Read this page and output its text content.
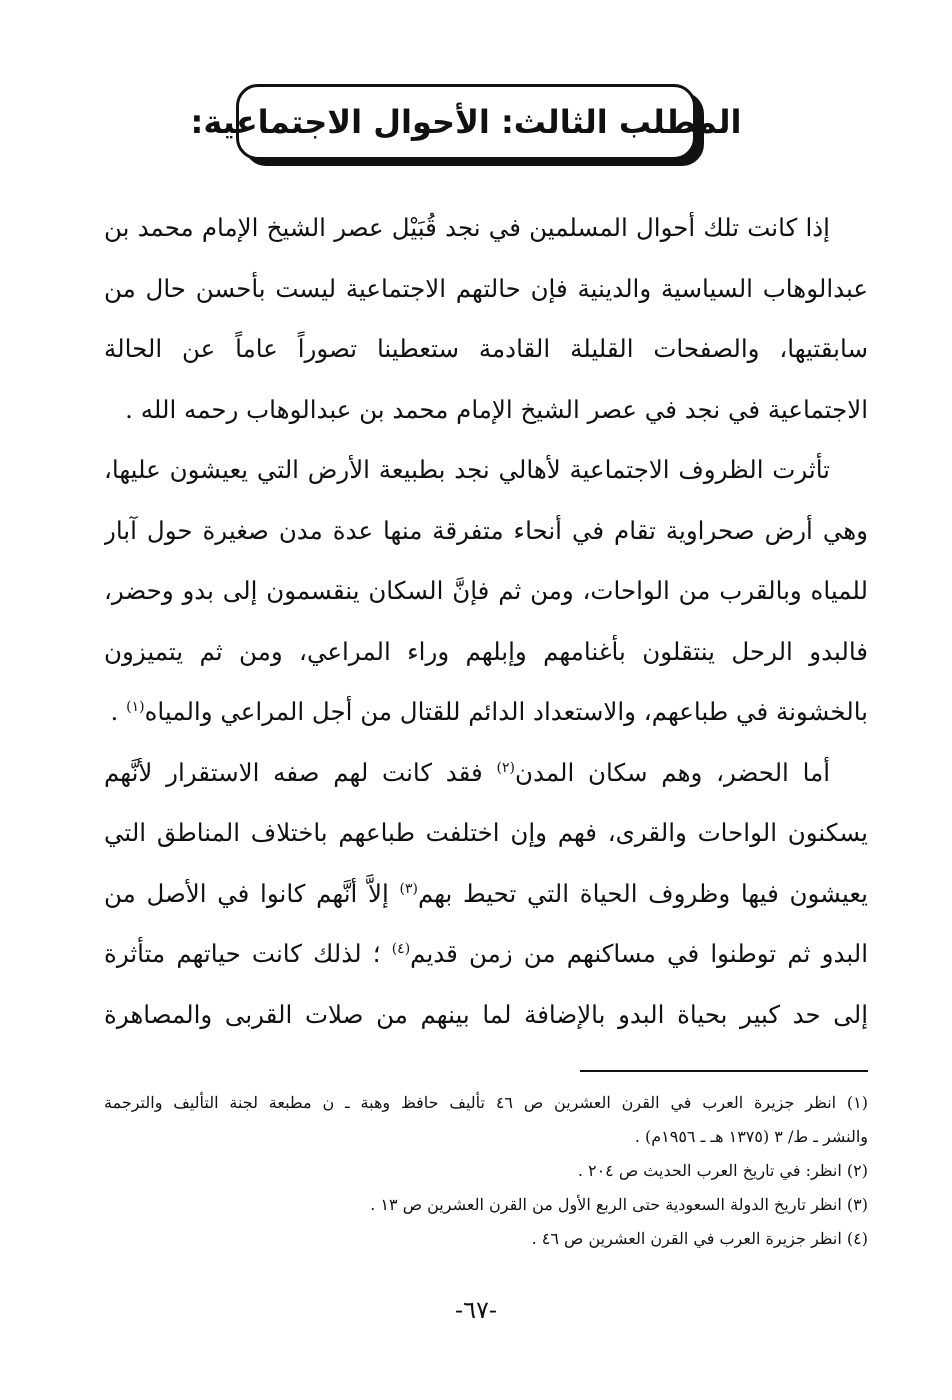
المطلب الثالث: الأحوال الاجتماعية:
إذا كانت تلك أحوال المسلمين في نجد قُبَيْل عصر الشيخ الإمام محمد بن
عبدالوهاب السياسية والدينية فإن حالتهم الاجتماعية ليست بأحسن حال من
سابقتيها، والصفحات القليلة القادمة ستعطينا تصوراً عاماً عن الحالة
الاجتماعية في نجد في عصر الشيخ الإمام محمد بن عبدالوهاب رحمه الله .
تأثرت الظروف الاجتماعية لأهالي نجد بطبيعة الأرض التي يعيشون عليها،
وهي أرض صحراوية تقام في أنحاء متفرقة منها عدة مدن صغيرة حول آبار
للمياه وبالقرب من الواحات، ومن ثم فإنَّ السكان ينقسمون إلى بدو وحضر،
فالبدو الرحل ينتقلون بأغنامهم وإبلهم وراء المراعي، ومن ثم يتميزون
بالخشونة في طباعهم، والاستعداد الدائم للقتال من أجل المراعي والمياه$^{(١)}$ .
أما الحضر، وهم سكان المدن$^{(٢)}$ فقد كانت لهم صفه الاستقرار لأنَّهم
يسكنون الواحات والقرى، فهم وإن اختلفت طباعهم باختلاف المناطق التي
يعيشون فيها وظروف الحياة التي تحيط بهم$^{(٣)}$ إلاَّ أنَّهم كانوا في الأصل من
البدو ثم توطنوا في مساكنهم من زمن قديم$^{(٤)}$ ؛ لذلك كانت حياتهم متأثرة
إلى حد كبير بحياة البدو بالإضافة لما بينهم من صلات القربى والمصاهرة
(١) انظر جزيرة العرب في القرن العشرين ص ٤٦ تأليف حافظ وهبة ـ ن مطبعة لجنة التأليف والترجمة
والنشر ـ ط/ ٣ (١٣٧٥ هـ ـ ١٩٥٦م) .
(٢) انظر: في تاريخ العرب الحديث ص ٢٠٤ .
(٣) انظر تاريخ الدولة السعودية حتى الربع الأول من القرن العشرين ص ١٣ .
(٤) انظر جزيرة العرب في القرن العشرين ص ٤٦ .
-٦٧-
